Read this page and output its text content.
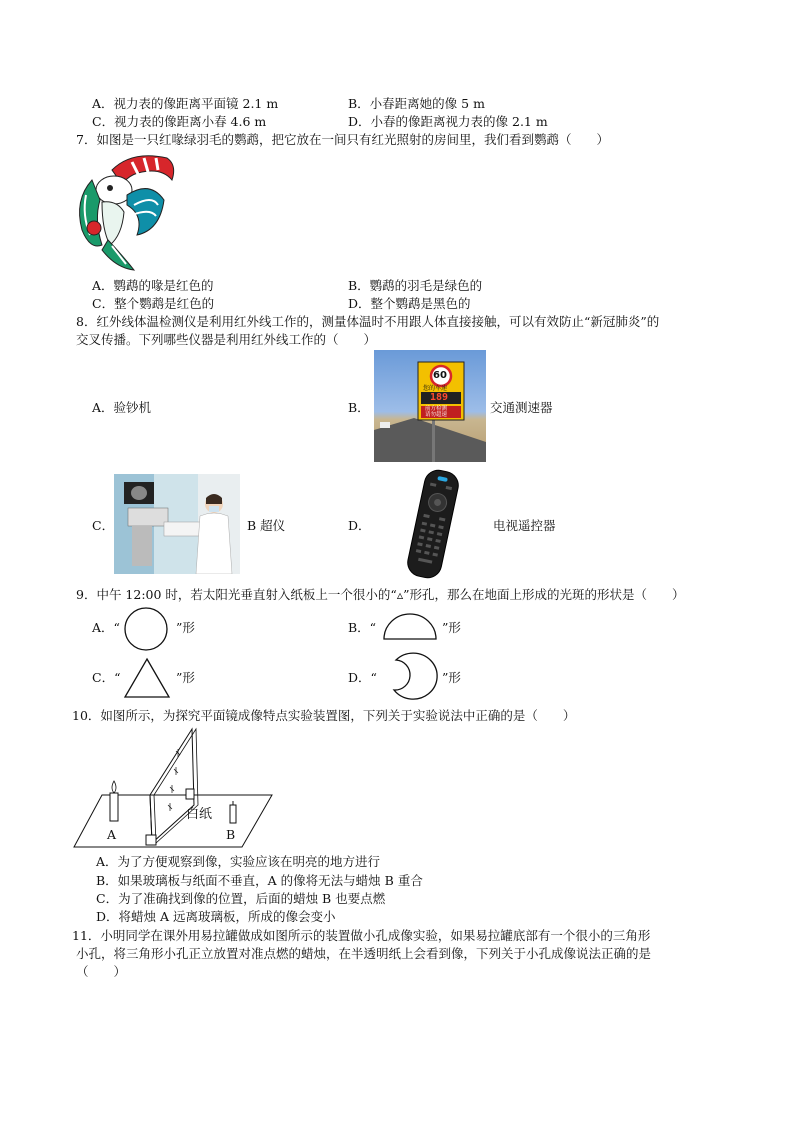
A．视力表的像距离平面镜 2.1 m	B．小春距离她的像 5 m
C．视力表的像距离小春 4.6 m	D．小春的像距离视力表的像 2.1 m
7．如图是一只红喙绿羽毛的鹦鹉，把它放在一间只有红光照射的房间里，我们看到鹦鹉（　　）
A．鹦鹉的喙是红色的	B．鹦鹉的羽毛是绿色的
C．整个鹦鹉是红色的	D．整个鹦鹉是黑色的
8．红外线体温检测仪是利用红外线工作的，测量体温时不用跟人体直接接触，可以有效防止“新冠肺炎”的
交叉传播。下列哪些仪器是利用红外线工作的（　　）
A．验钞机	B．
60
您的车速
189
前方检测
请勿超速	交通测速器
C．	B 超仪	D．	电视遥控器
9．中午 12:00 时，若太阳光垂直射入纸板上一个很小的“▵”形孔，那么在地面上形成的光斑的形状是（　　）
A．“	”形	B．“	”形
C．“	”形	D．“	”形
10．如图所示，为探究平面镜成像特点实验装置图，下列关于实验说法中正确的是（　　）
白纸
A	B
A．为了方便观察到像，实验应该在明亮的地方进行
B．如果玻璃板与纸面不垂直，A 的像将无法与蜡烛 B 重合
C．为了准确找到像的位置，后面的蜡烛 B 也要点燃
D．将蜡烛 A 远离玻璃板，所成的像会变小
11．小明同学在课外用易拉罐做成如图所示的装置做小孔成像实验，如果易拉罐底部有一个很小的三角形
小孔，将三角形小孔正立放置对准点燃的蜡烛，在半透明纸上会看到像，下列关于小孔成像说法正确的是
（　　）
